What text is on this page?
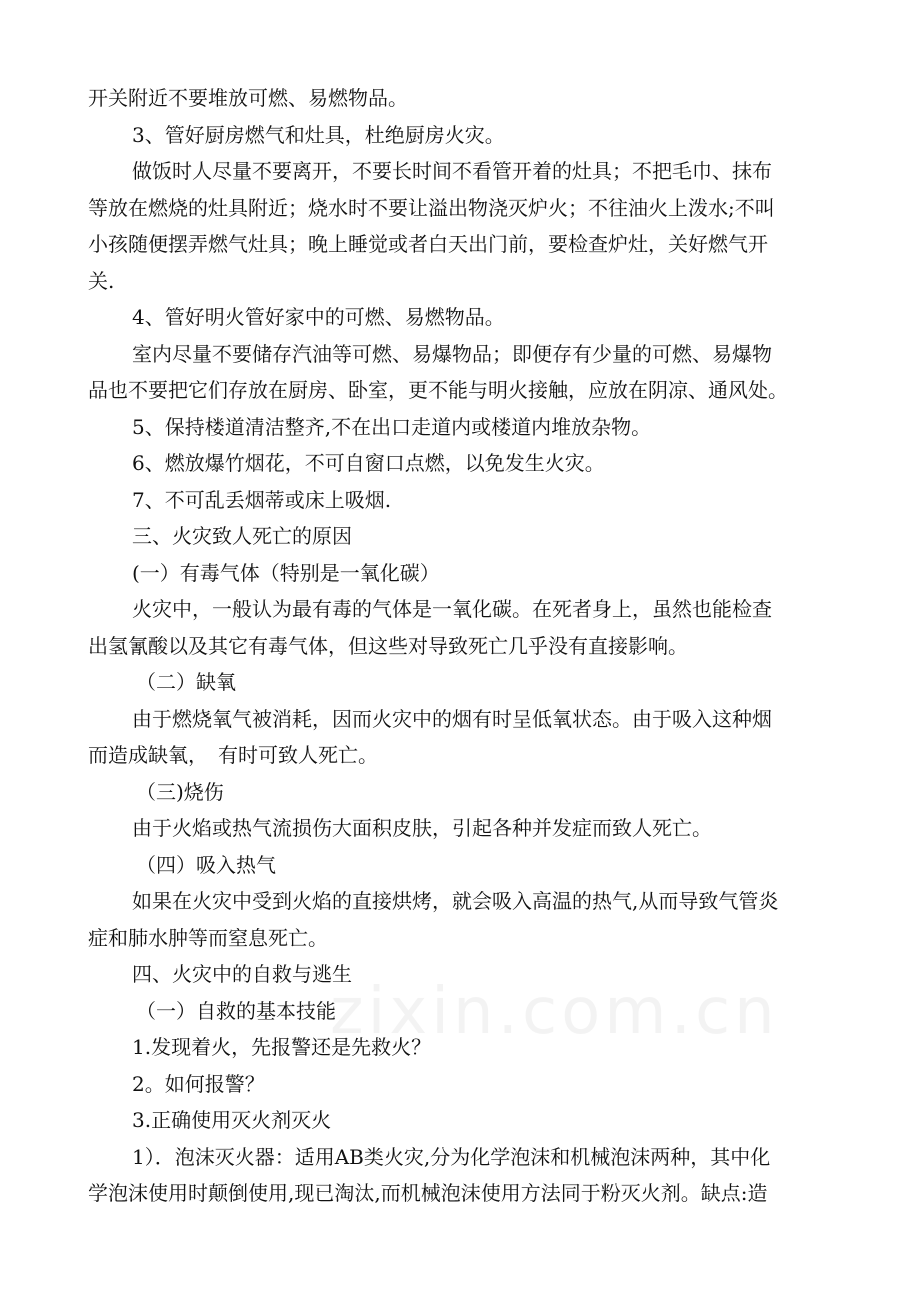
开关附近不要堆放可燃、易燃物品。
3、管好厨房燃气和灶具，杜绝厨房火灾。
做饭时人尽量不要离开，不要长时间不看管开着的灶具；不把毛巾、抹布
等放在燃烧的灶具附近；烧水时不要让溢出物浇灭炉火；不往油火上泼水;不叫
小孩随便摆弄燃气灶具；晚上睡觉或者白天出门前，要检查炉灶，关好燃气开
关.
4、管好明火管好家中的可燃、易燃物品。
室内尽量不要储存汽油等可燃、易爆物品；即便存有少量的可燃、易爆物
品也不要把它们存放在厨房、卧室，更不能与明火接触，应放在阴凉、通风处。
5、保持楼道清洁整齐,不在出口走道内或楼道内堆放杂物。
6、燃放爆竹烟花，不可自窗口点燃，以免发生火灾。
7、不可乱丢烟蒂或床上吸烟.
三、火灾致人死亡的原因
(一）有毒气体（特别是一氧化碳）
火灾中，一般认为最有毒的气体是一氧化碳。在死者身上，虽然也能检查
出氢氰酸以及其它有毒气体，但这些对导致死亡几乎没有直接影响。
（二）缺氧
由于燃烧氧气被消耗，因而火灾中的烟有时呈低氧状态。由于吸入这种烟
而造成缺氧，　有时可致人死亡。
（三)烧伤
由于火焰或热气流损伤大面积皮肤，引起各种并发症而致人死亡。
（四）吸入热气
如果在火灾中受到火焰的直接烘烤，就会吸入高温的热气,从而导致气管炎
症和肺水肿等而窒息死亡。
四、火灾中的自救与逃生
（一）自救的基本技能
1.发现着火，先报警还是先救火？
2。如何报警？
3.正确使用灭火剂灭火
1）．泡沫灭火器：适用AB类火灾,分为化学泡沫和机械泡沫两种，其中化
学泡沫使用时颠倒使用,现已淘汰,而机械泡沫使用方法同于粉灭火剂。缺点:造
